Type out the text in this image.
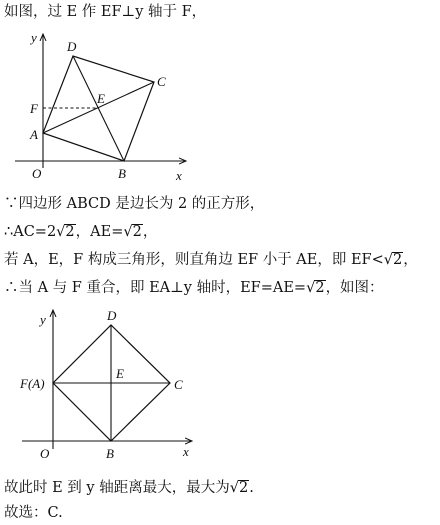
如图，过 E 作 EF⊥y 轴于 F，
y
x
O
A
B
C
D
E
F
∵四边形 ABCD 是边长为 2 的正方形，
∴AC=2√2，AE=√2，
若 A，E，F 构成三角形，则直角边 EF 小于 AE，即 EF<√2，
∴当 A 与 F 重合，即 EA⊥y 轴时，EF=AE=√2，如图：
y
x
O
F(A)
B
C
D
E
故此时 E 到 y 轴距离最大，最大为√2.
故选：C.
